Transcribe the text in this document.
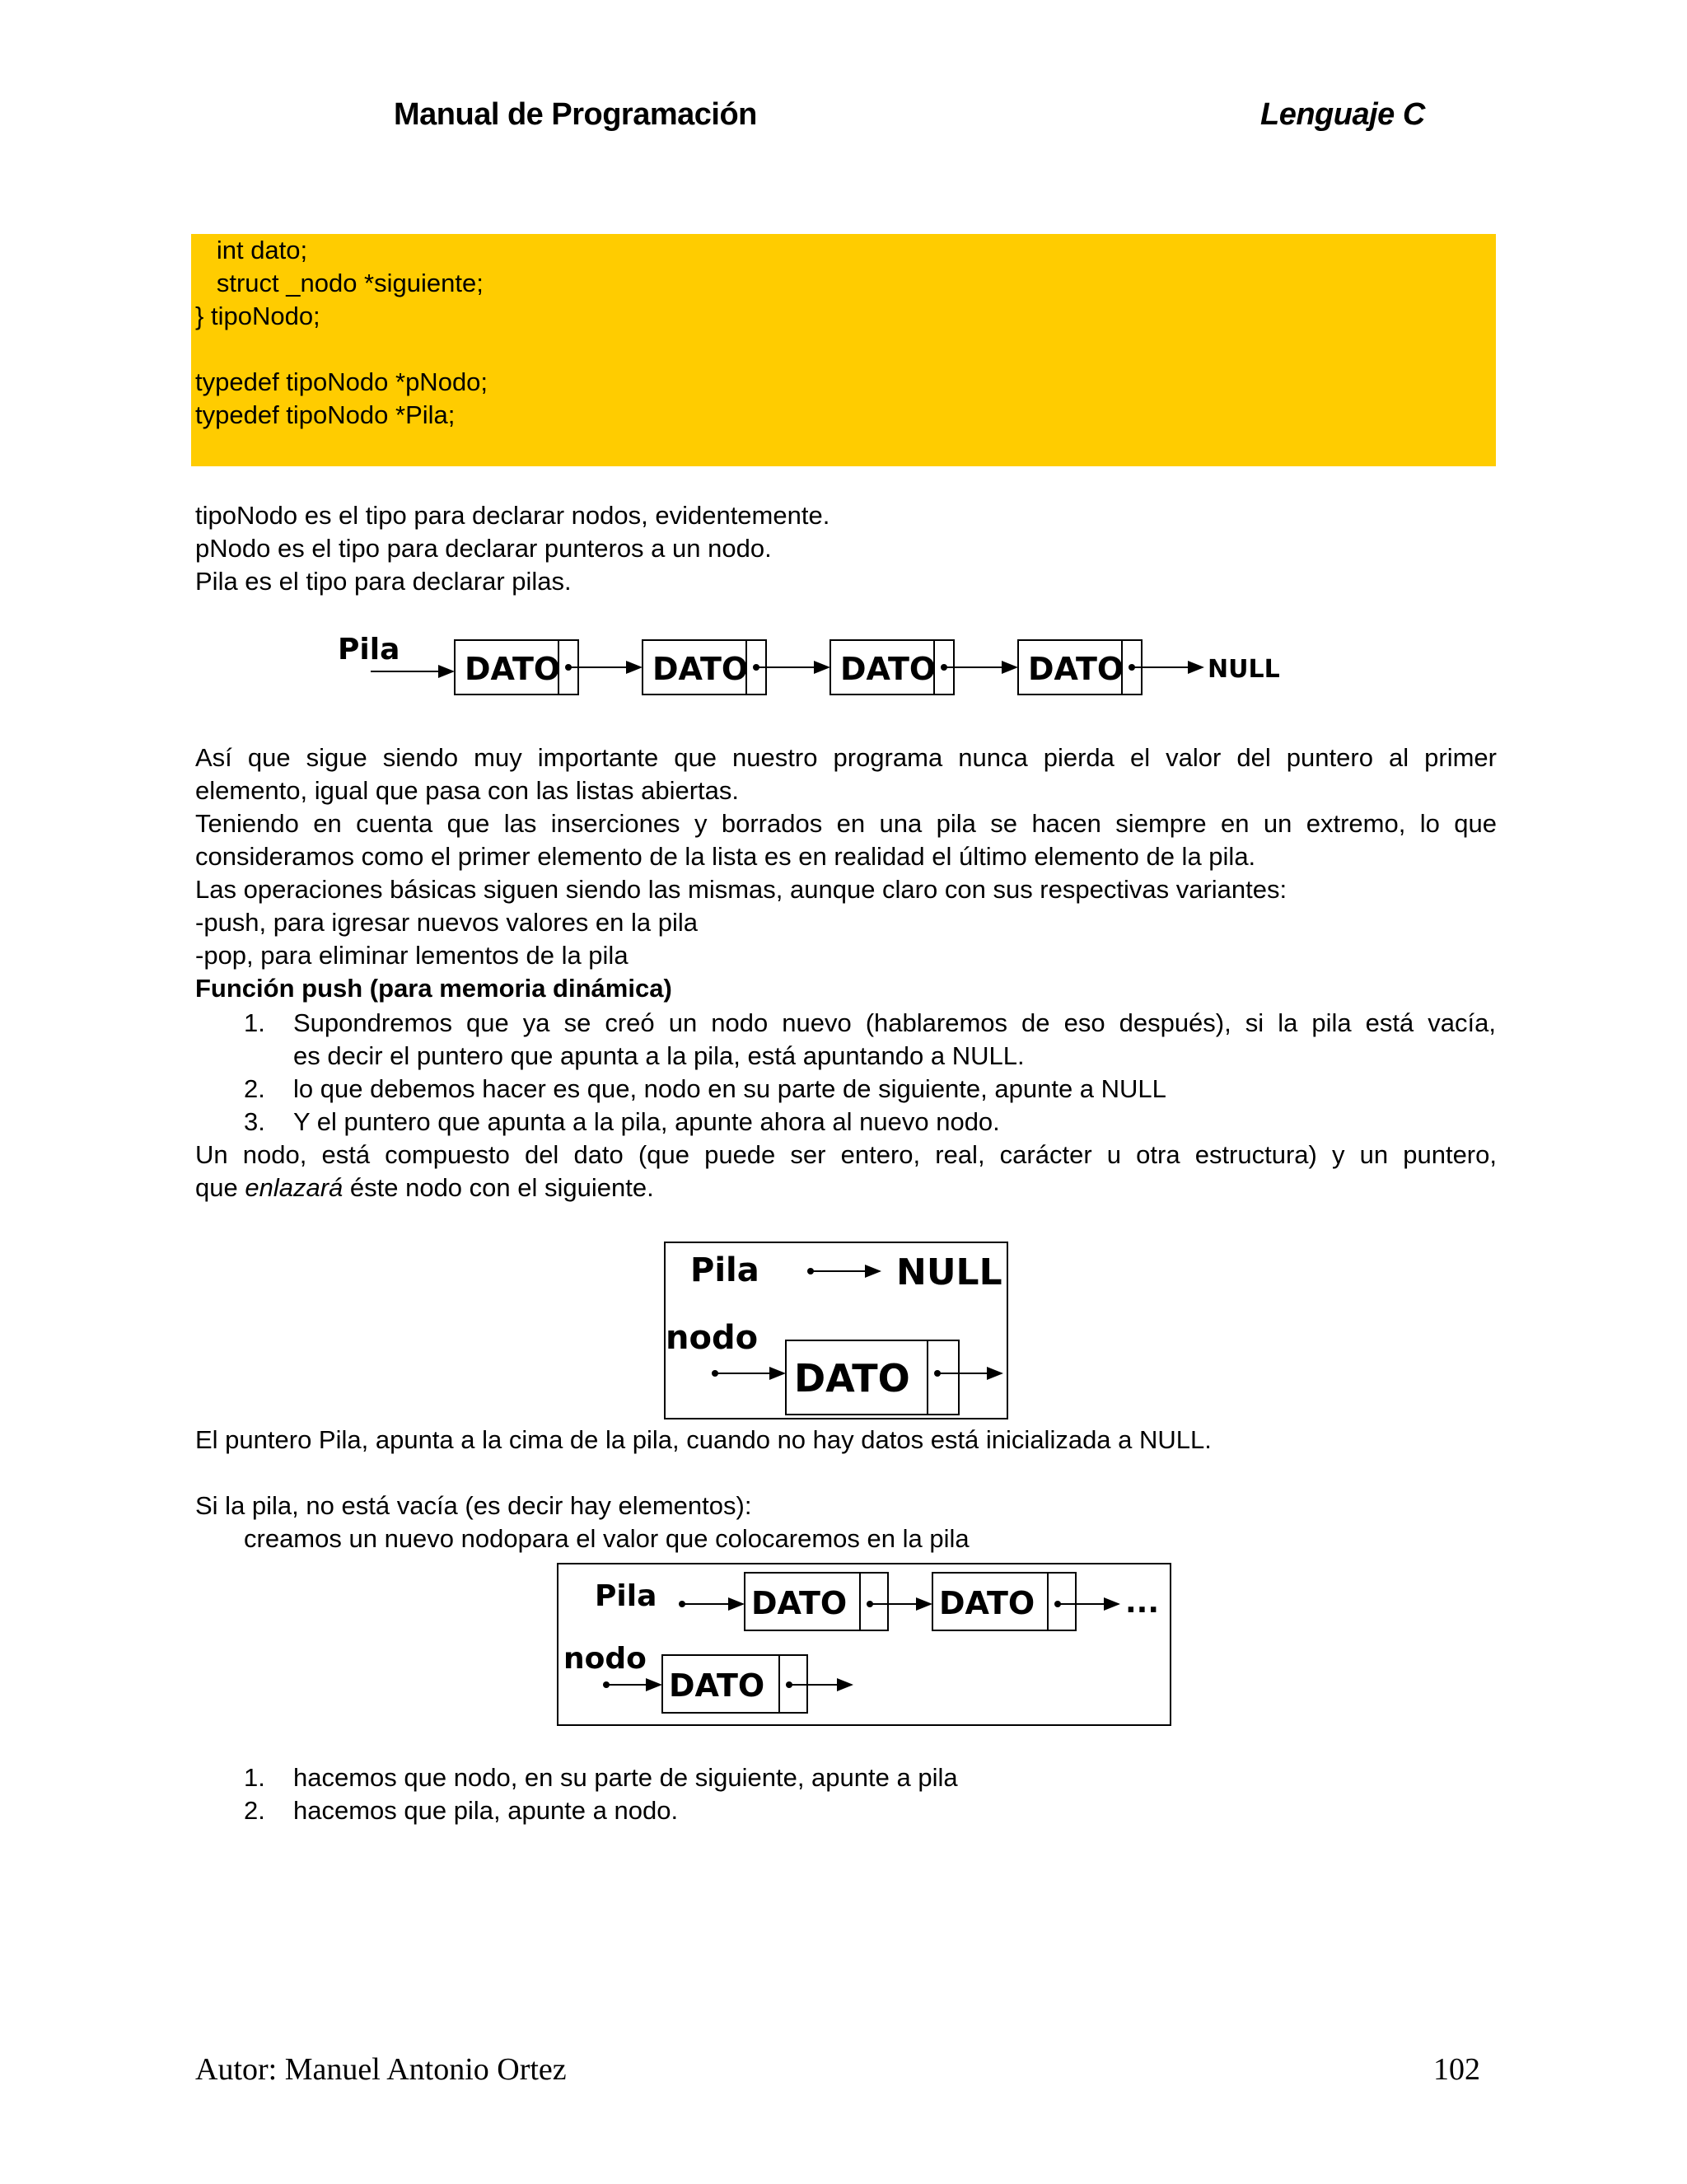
Manual de Programación	Lenguaje C
int dato;
struct _nodo *siguiente;
} tipoNodo;
typedef tipoNodo *pNodo;
typedef tipoNodo *Pila;
tipoNodo es el tipo para declarar nodos, evidentemente.
pNodo es el tipo para declarar punteros a un nodo.
Pila es el tipo para declarar pilas.
Pila
DATO	DATO	DATO	DATO	NULL
Así que sigue siendo muy importante que nuestro programa nunca pierda el valor del puntero al primer
elemento, igual que pasa con las listas abiertas.
Teniendo en cuenta que las inserciones y borrados en una pila se hacen siempre en un extremo, lo que
consideramos como el primer elemento de la lista es en realidad el último elemento de la pila.
Las operaciones básicas siguen siendo las mismas, aunque claro con sus respectivas variantes:
-push, para igresar nuevos valores en la pila
-pop, para eliminar lementos de la pila
Función push (para memoria dinámica)
1. Supondremos que ya se creó un nodo nuevo (hablaremos de eso después), si la pila está vacía,
es decir el puntero que apunta a la pila, está apuntando a NULL.
2. lo que debemos hacer es que, nodo en su parte de siguiente, apunte a NULL
3. Y el puntero que apunta a la pila, apunte ahora al nuevo nodo.
Un nodo, está compuesto del dato (que puede ser entero, real, carácter u otra estructura) y un puntero,
que enlazará éste nodo con el siguiente.
Pila	NULL
nodo
DATO
El puntero Pila, apunta a la cima de la pila, cuando no hay datos está inicializada a NULL.
Si la pila, no está vacía (es decir hay elementos):
creamos un nuevo nodopara el valor que colocaremos en la pila
Pila	DATO	DATO	...
nodo
DATO
1. hacemos que nodo, en su parte de siguiente, apunte a pila
2. hacemos que pila, apunte a nodo.
Autor: Manuel Antonio Ortez	102
